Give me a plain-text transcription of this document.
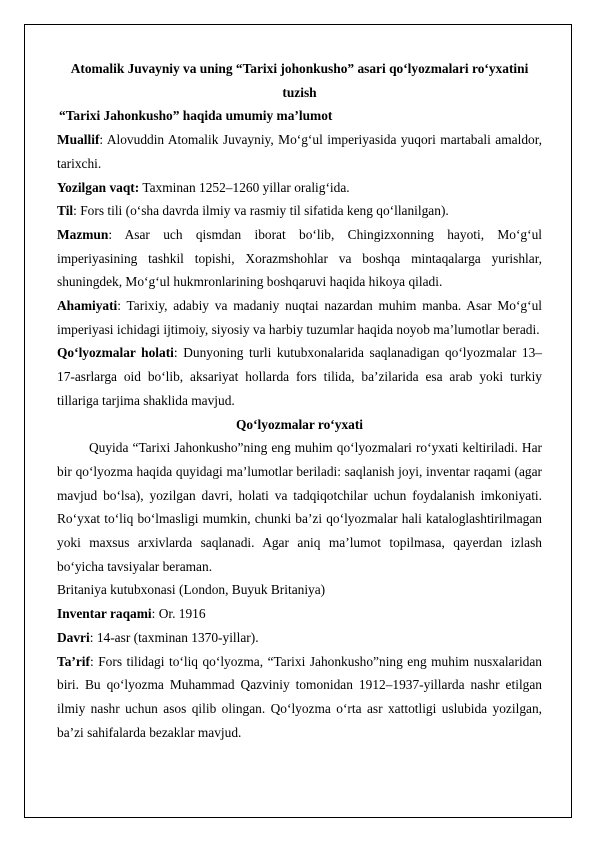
Atomalik Juvayniy va uning “Tarixi johonkusho” asari qo‘lyozmalari ro‘yxatini tuzish

“Tarixi Jahonkusho” haqida umumiy ma’lumot

Muallif: Alovuddin Atomalik Juvayniy, Mo‘g‘ul imperiyasida yuqori martabali amaldor, tarixchi.

Yozilgan vaqt: Taxminan 1252–1260 yillar oralig‘ida.

Til: Fors tili (o‘sha davrda ilmiy va rasmiy til sifatida keng qo‘llanilgan).

Mazmun: Asar uch qismdan iborat bo‘lib, Chingizxonning hayoti, Mo‘g‘ul imperiyasining tashkil topishi, Xorazmshohlar va boshqa mintaqalarga yurishlar, shuningdek, Mo‘g‘ul hukmronlarining boshqaruvi haqida hikoya qiladi.

Ahamiyati: Tarixiy, adabiy va madaniy nuqtai nazardan muhim manba. Asar Mo‘g‘ul imperiyasi ichidagi ijtimoiy, siyosiy va harbiy tuzumlar haqida noyob ma’lumotlar beradi.

Qo‘lyozmalar holati: Dunyoning turli kutubxonalarida saqlanadigan qo‘lyozmalar 13–17-asrlarga oid bo‘lib, aksariyat hollarda fors tilida, ba’zilarida esa arab yoki turkiy tillariga tarjima shaklida mavjud.

Qo‘lyozmalar ro‘yxati

Quyida “Tarixi Jahonkusho”ning eng muhim qo‘lyozmalari ro‘yxati keltiriladi. Har bir qo‘lyozma haqida quyidagi ma’lumotlar beriladi: saqlanish joyi, inventar raqami (agar mavjud bo‘lsa), yozilgan davri, holati va tadqiqotchilar uchun foydalanish imkoniyati. Ro‘yxat to‘liq bo‘lmasligi mumkin, chunki ba’zi qo‘lyozmalar hali kataloglashtirilmagan yoki maxsus arxivlarda saqlanadi. Agar aniq ma’lumot topilmasa, qayerdan izlash bo‘yicha tavsiyalar beraman.

Britaniya kutubxonasi (London, Buyuk Britaniya)

Inventar raqami: Or. 1916

Davri: 14-asr (taxminan 1370-yillar).

Ta’rif: Fors tilidagi to‘liq qo‘lyozma, “Tarixi Jahonkusho”ning eng muhim nusxalaridan biri. Bu qo‘lyozma Muhammad Qazviniy tomonidan 1912–1937-yillarda nashr etilgan ilmiy nashr uchun asos qilib olingan. Qo‘lyozma o‘rta asr xattotligi uslubida yozilgan, ba’zi sahifalarda bezaklar mavjud.
